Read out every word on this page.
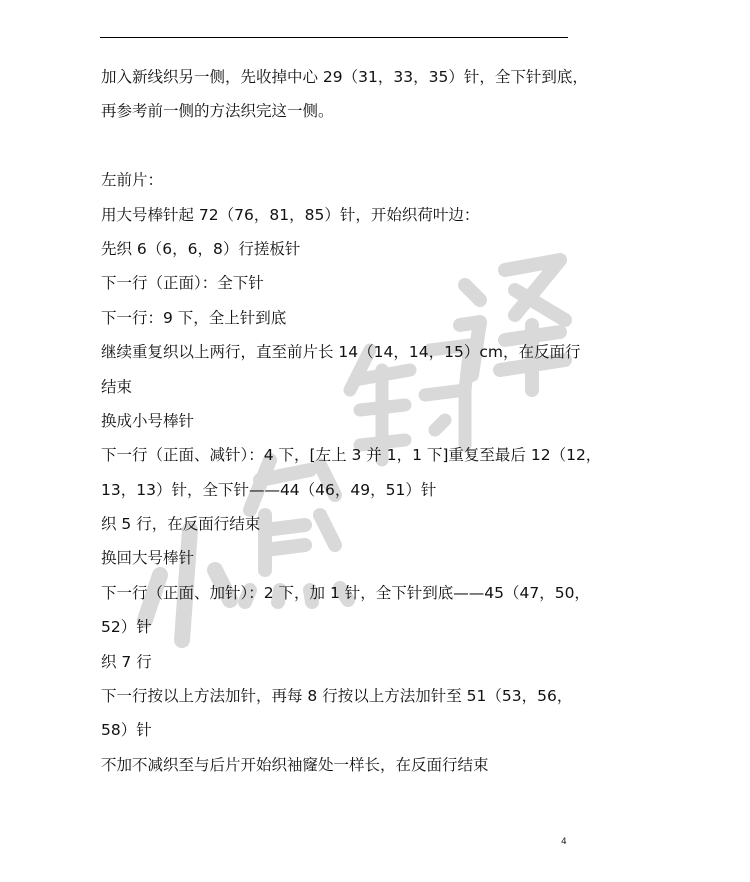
加入新线织另一侧，先收掉中心 29（31，33，35）针，全下针到底，
再参考前一侧的方法织完这一侧。
左前片：
用大号棒针起 72（76，81，85）针，开始织荷叶边：
先织 6（6，6，8）行搓板针
下一行（正面）：全下针
下一行：9 下，全上针到底
继续重复织以上两行，直至前片长 14（14，14，15）cm，在反面行
结束
换成小号棒针
下一行（正面、减针）：4 下，[左上 3 并 1，1 下]重复至最后 12（12，
13，13）针，全下针——44（46，49，51）针
织 5 行，在反面行结束
换回大号棒针
下一行（正面、加针）：2 下，加 1 针，全下针到底——45（47，50，
52）针
织 7 行
下一行按以上方法加针，再每 8 行按以上方法加针至 51（53，56，
58）针
不加不减织至与后片开始织袖窿处一样长，在反面行结束
4
